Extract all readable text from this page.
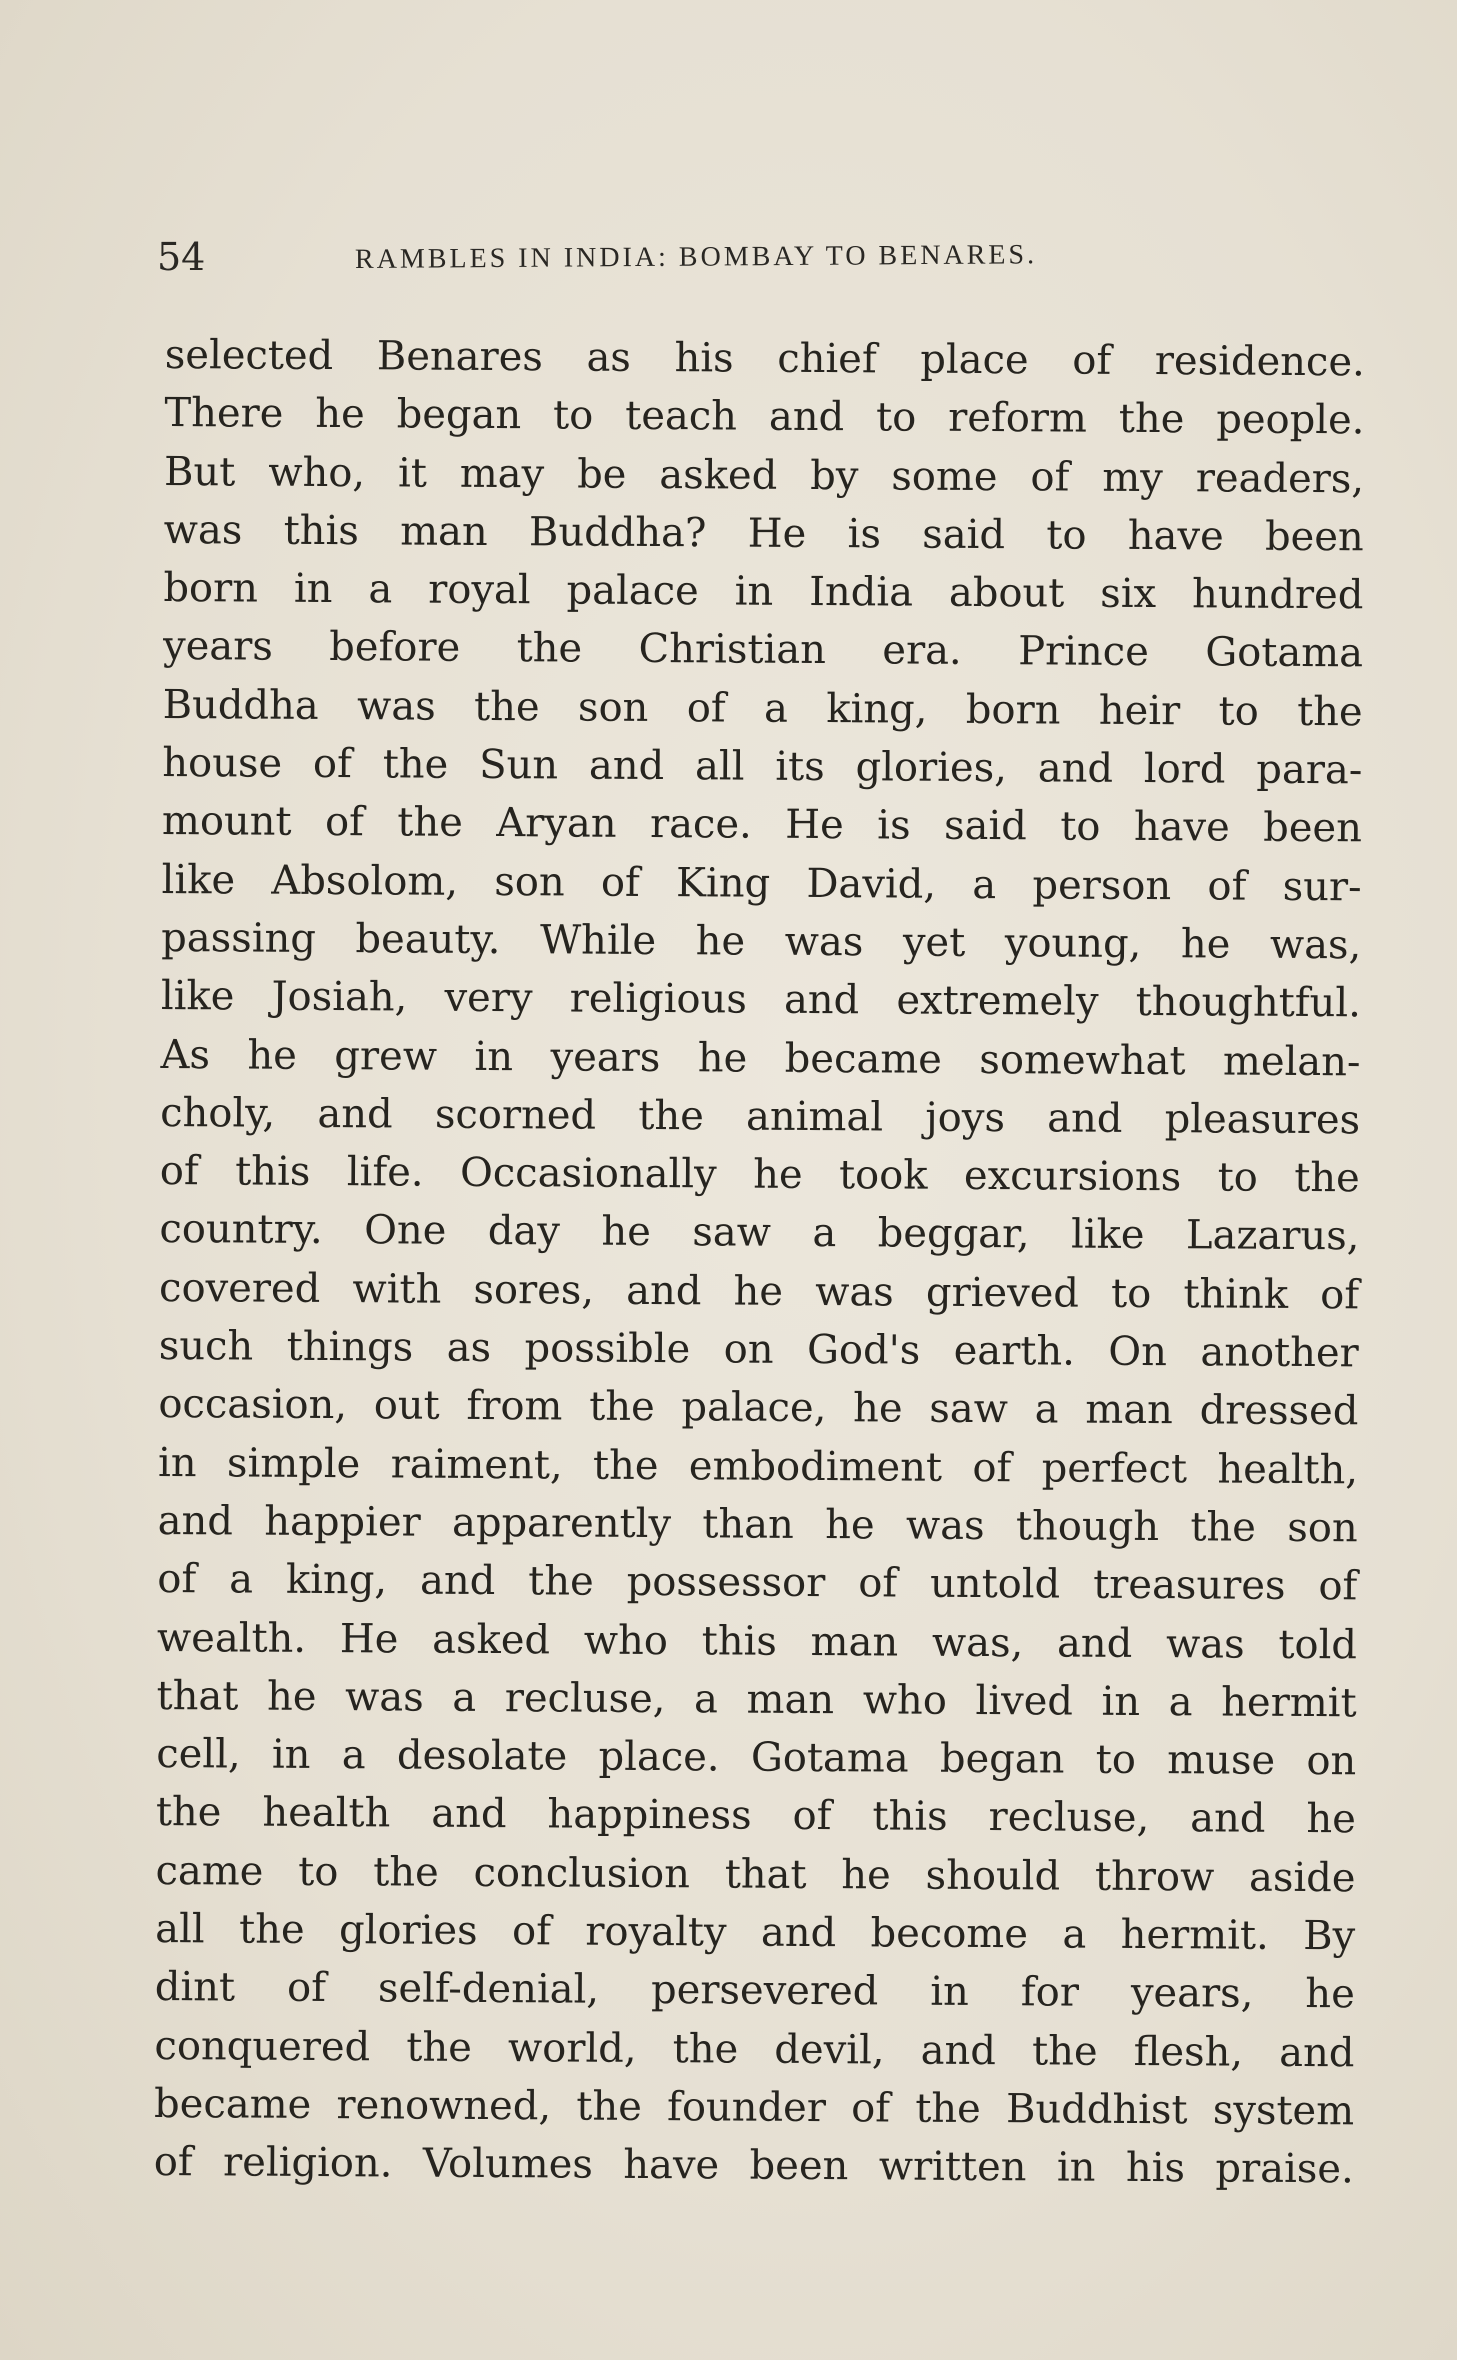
54	RAMBLES IN INDIA: BOMBAY TO BENARES.
selected Benares as his chief place of residence.
There he began to teach and to reform the people.
But who, it may be asked by some of my readers,
was this man Buddha? He is said to have been
born in a royal palace in India about six hundred
years before the Christian era. Prince Gotama
Buddha was the son of a king, born heir to the
house of the Sun and all its glories, and lord para-
mount of the Aryan race. He is said to have been
like Absolom, son of King David, a person of sur-
passing beauty. While he was yet young, he was,
like Josiah, very religious and extremely thoughtful.
As he grew in years he became somewhat melan-
choly, and scorned the animal joys and pleasures
of this life. Occasionally he took excursions to the
country. One day he saw a beggar, like Lazarus,
covered with sores, and he was grieved to think of
such things as possible on God's earth. On another
occasion, out from the palace, he saw a man dressed
in simple raiment, the embodiment of perfect health,
and happier apparently than he was though the son
of a king, and the possessor of untold treasures of
wealth. He asked who this man was, and was told
that he was a recluse, a man who lived in a hermit
cell, in a desolate place. Gotama began to muse on
the health and happiness of this recluse, and he
came to the conclusion that he should throw aside
all the glories of royalty and become a hermit. By
dint of self-denial, persevered in for years, he
conquered the world, the devil, and the flesh, and
became renowned, the founder of the Buddhist system
of religion. Volumes have been written in his praise.
